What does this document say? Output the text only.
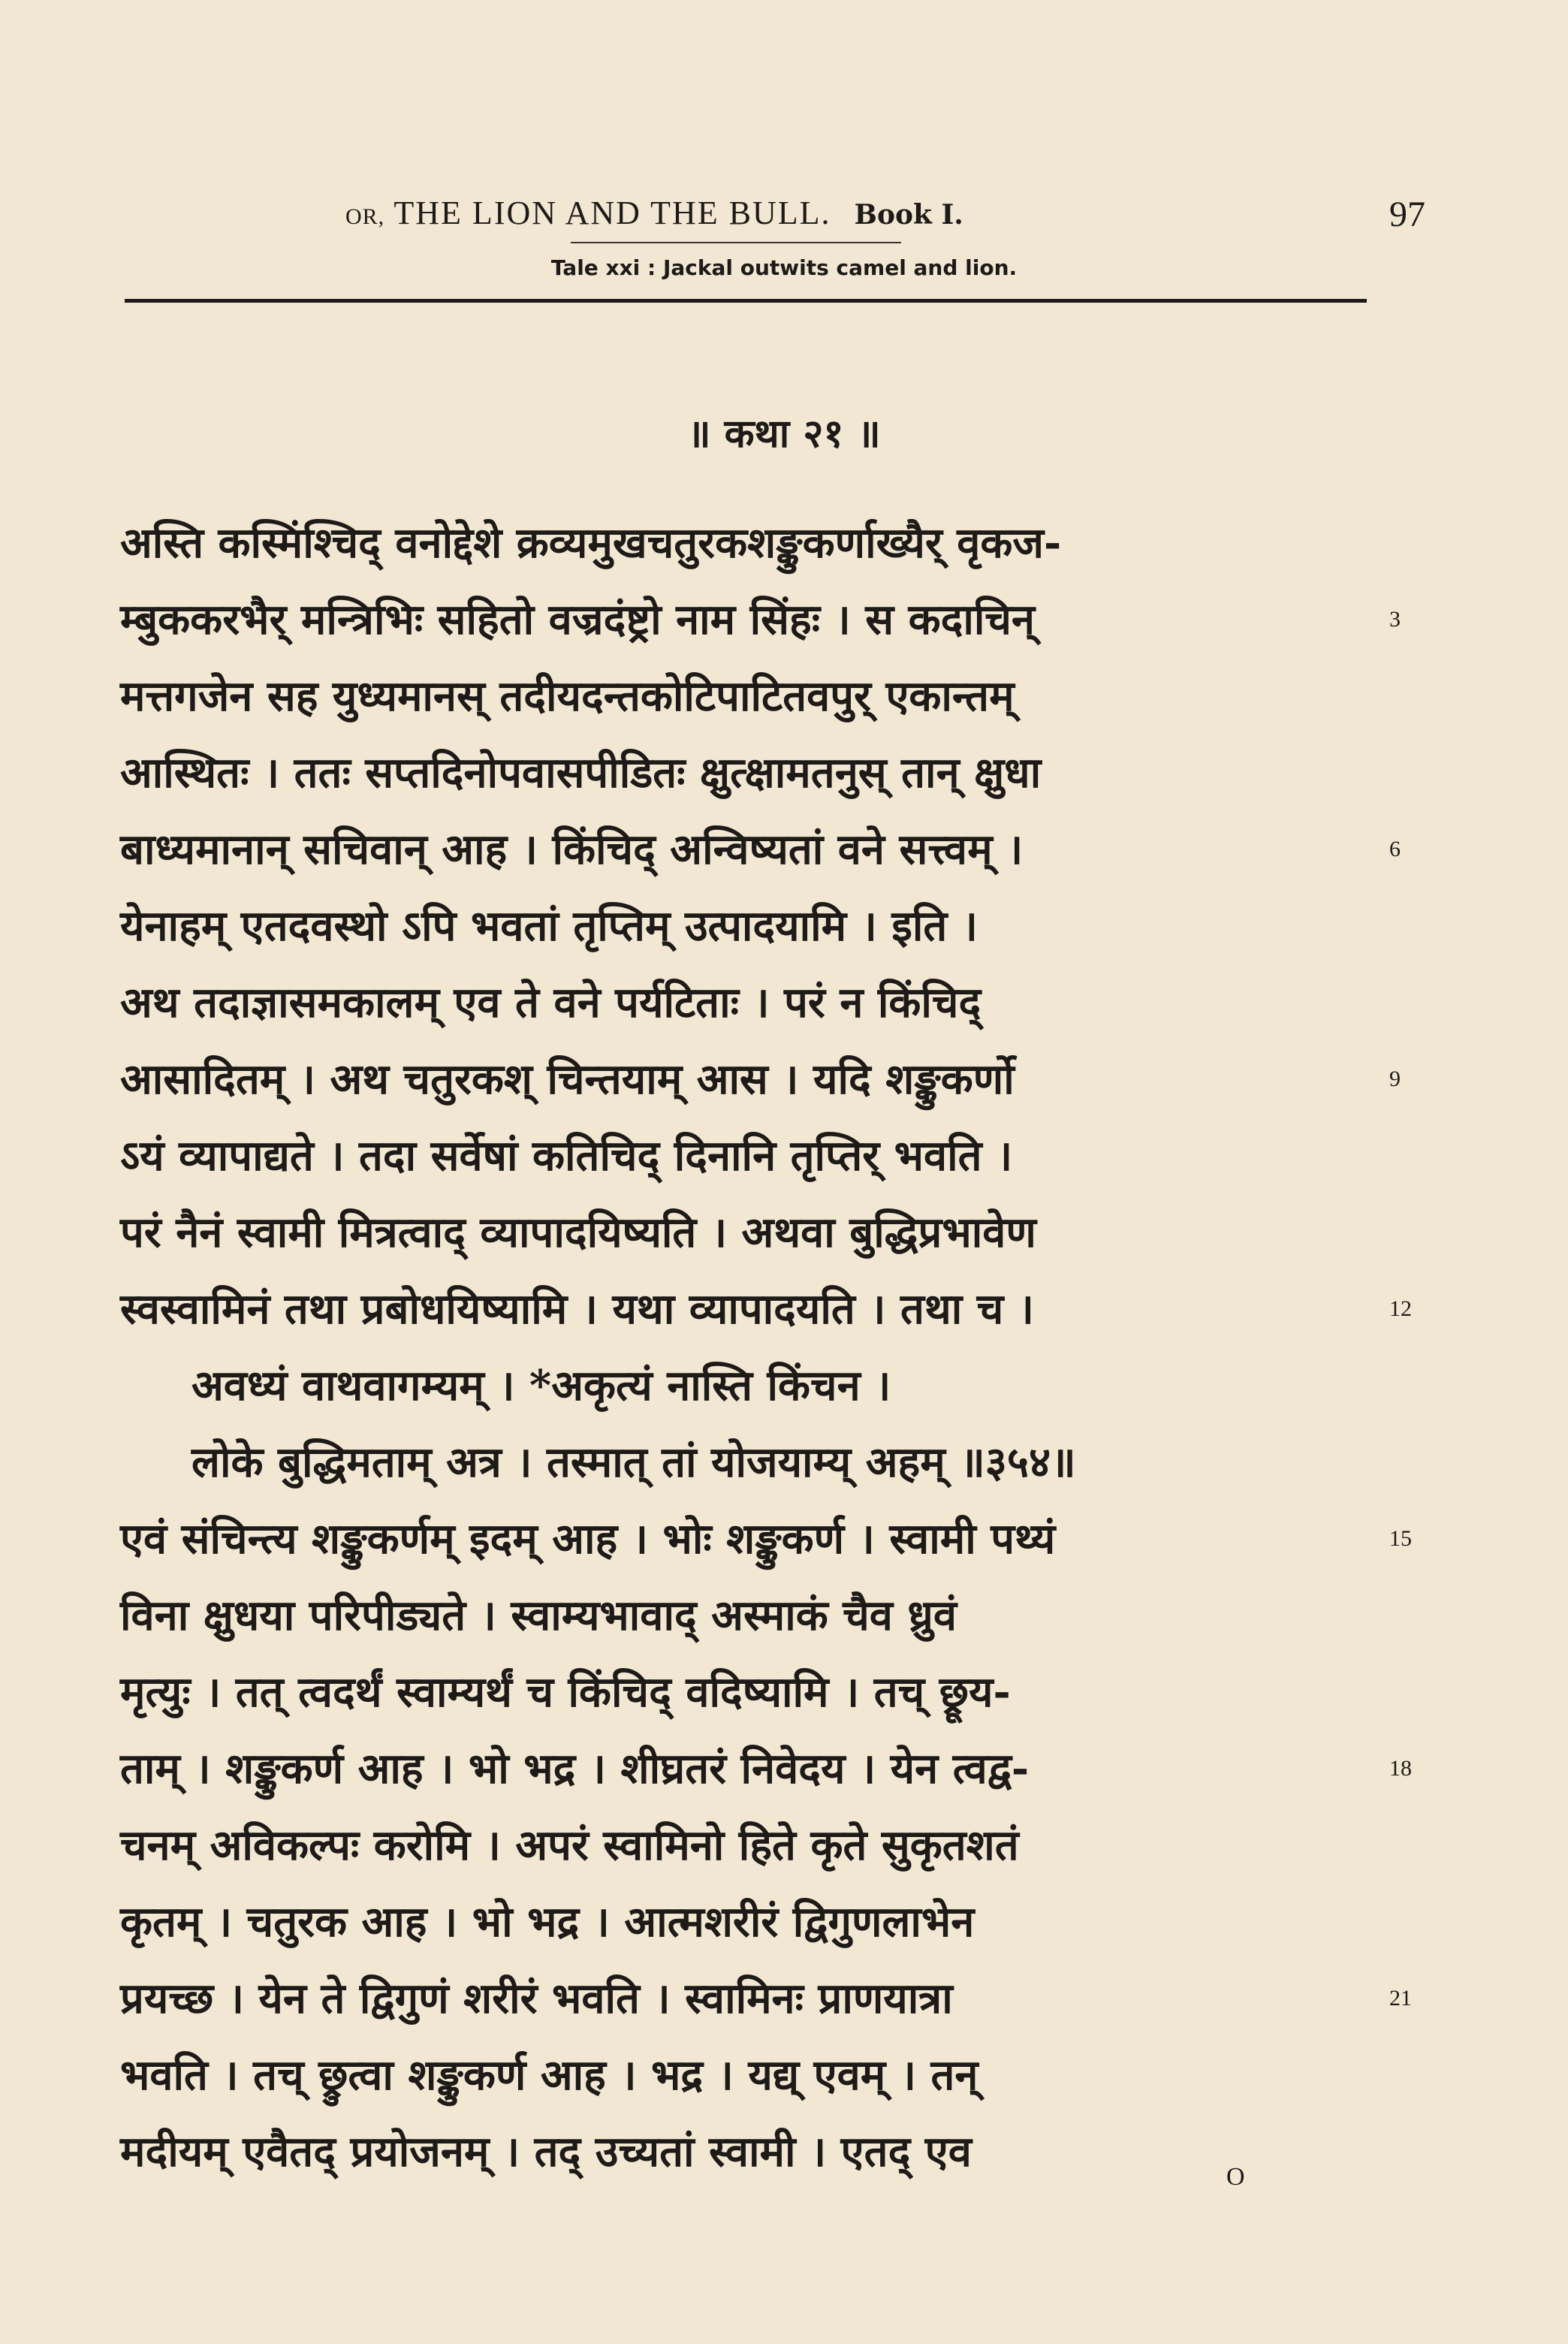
OR, THE LION AND THE BULL. Book I.	97
Tale xxi : Jackal outwits camel and lion.
॥ कथा २१ ॥
अस्ति कस्मिंश्चिद् वनोद्देशे क्रव्यमुखचतुरकशङ्कुकर्णाख्यैर् वृकज-
म्बुककरभैर् मन्त्रिभिः सहितो वज्रदंष्ट्रो नाम सिंहः । स कदाचिन्	3
मत्तगजेन सह युध्यमानस् तदीयदन्तकोटिपाटितवपुर् एकान्तम्
आस्थितः । ततः सप्तदिनोपवासपीडितः क्षुत्क्षामतनुस् तान् क्षुधा
बाध्यमानान् सचिवान् आह । किंचिद् अन्विष्यतां वने सत्त्वम् ।	6
येनाहम् एतदवस्थो ऽपि भवतां तृप्तिम् उत्पादयामि । इति ।
अथ तदाज्ञासमकालम् एव ते वने पर्यटिताः । परं न किंचिद्
आसादितम् । अथ चतुरकश् चिन्तयाम् आस । यदि शङ्कुकर्णो	9
ऽयं व्यापाद्यते । तदा सर्वेषां कतिचिद् दिनानि तृप्तिर् भवति ।
परं नैनं स्वामी मित्रत्वाद् व्यापादयिष्यति । अथवा बुद्धिप्रभावेण
स्वस्वामिनं तथा प्रबोधयिष्यामि । यथा व्यापादयति । तथा च ।	12
अवध्यं वाथवागम्यम् । *अकृत्यं नास्ति किंचन ।
लोके बुद्धिमताम् अत्र । तस्मात् तां योजयाम्य् अहम् ॥३५४॥
एवं संचिन्त्य शङ्कुकर्णम् इदम् आह । भोः शङ्कुकर्ण । स्वामी पथ्यं	15
विना क्षुधया परिपीड्यते । स्वाम्यभावाद् अस्माकं चैव ध्रुवं
मृत्युः । तत् त्वदर्थं स्वाम्यर्थं च किंचिद् वदिष्यामि । तच् छ्रूय-
ताम् । शङ्कुकर्ण आह । भो भद्र । शीघ्रतरं निवेदय । येन त्वद्व-	18
चनम् अविकल्पः करोमि । अपरं स्वामिनो हिते कृते सुकृतशतं
कृतम् । चतुरक आह । भो भद्र । आत्मशरीरं द्विगुणलाभेन
प्रयच्छ । येन ते द्विगुणं शरीरं भवति । स्वामिनः प्राणयात्रा	21
भवति । तच् छ्रुत्वा शङ्कुकर्ण आह । भद्र । यद्य् एवम् । तन्
मदीयम् एवैतद् प्रयोजनम् । तद् उच्यतां स्वामी । एतद् एव
O
